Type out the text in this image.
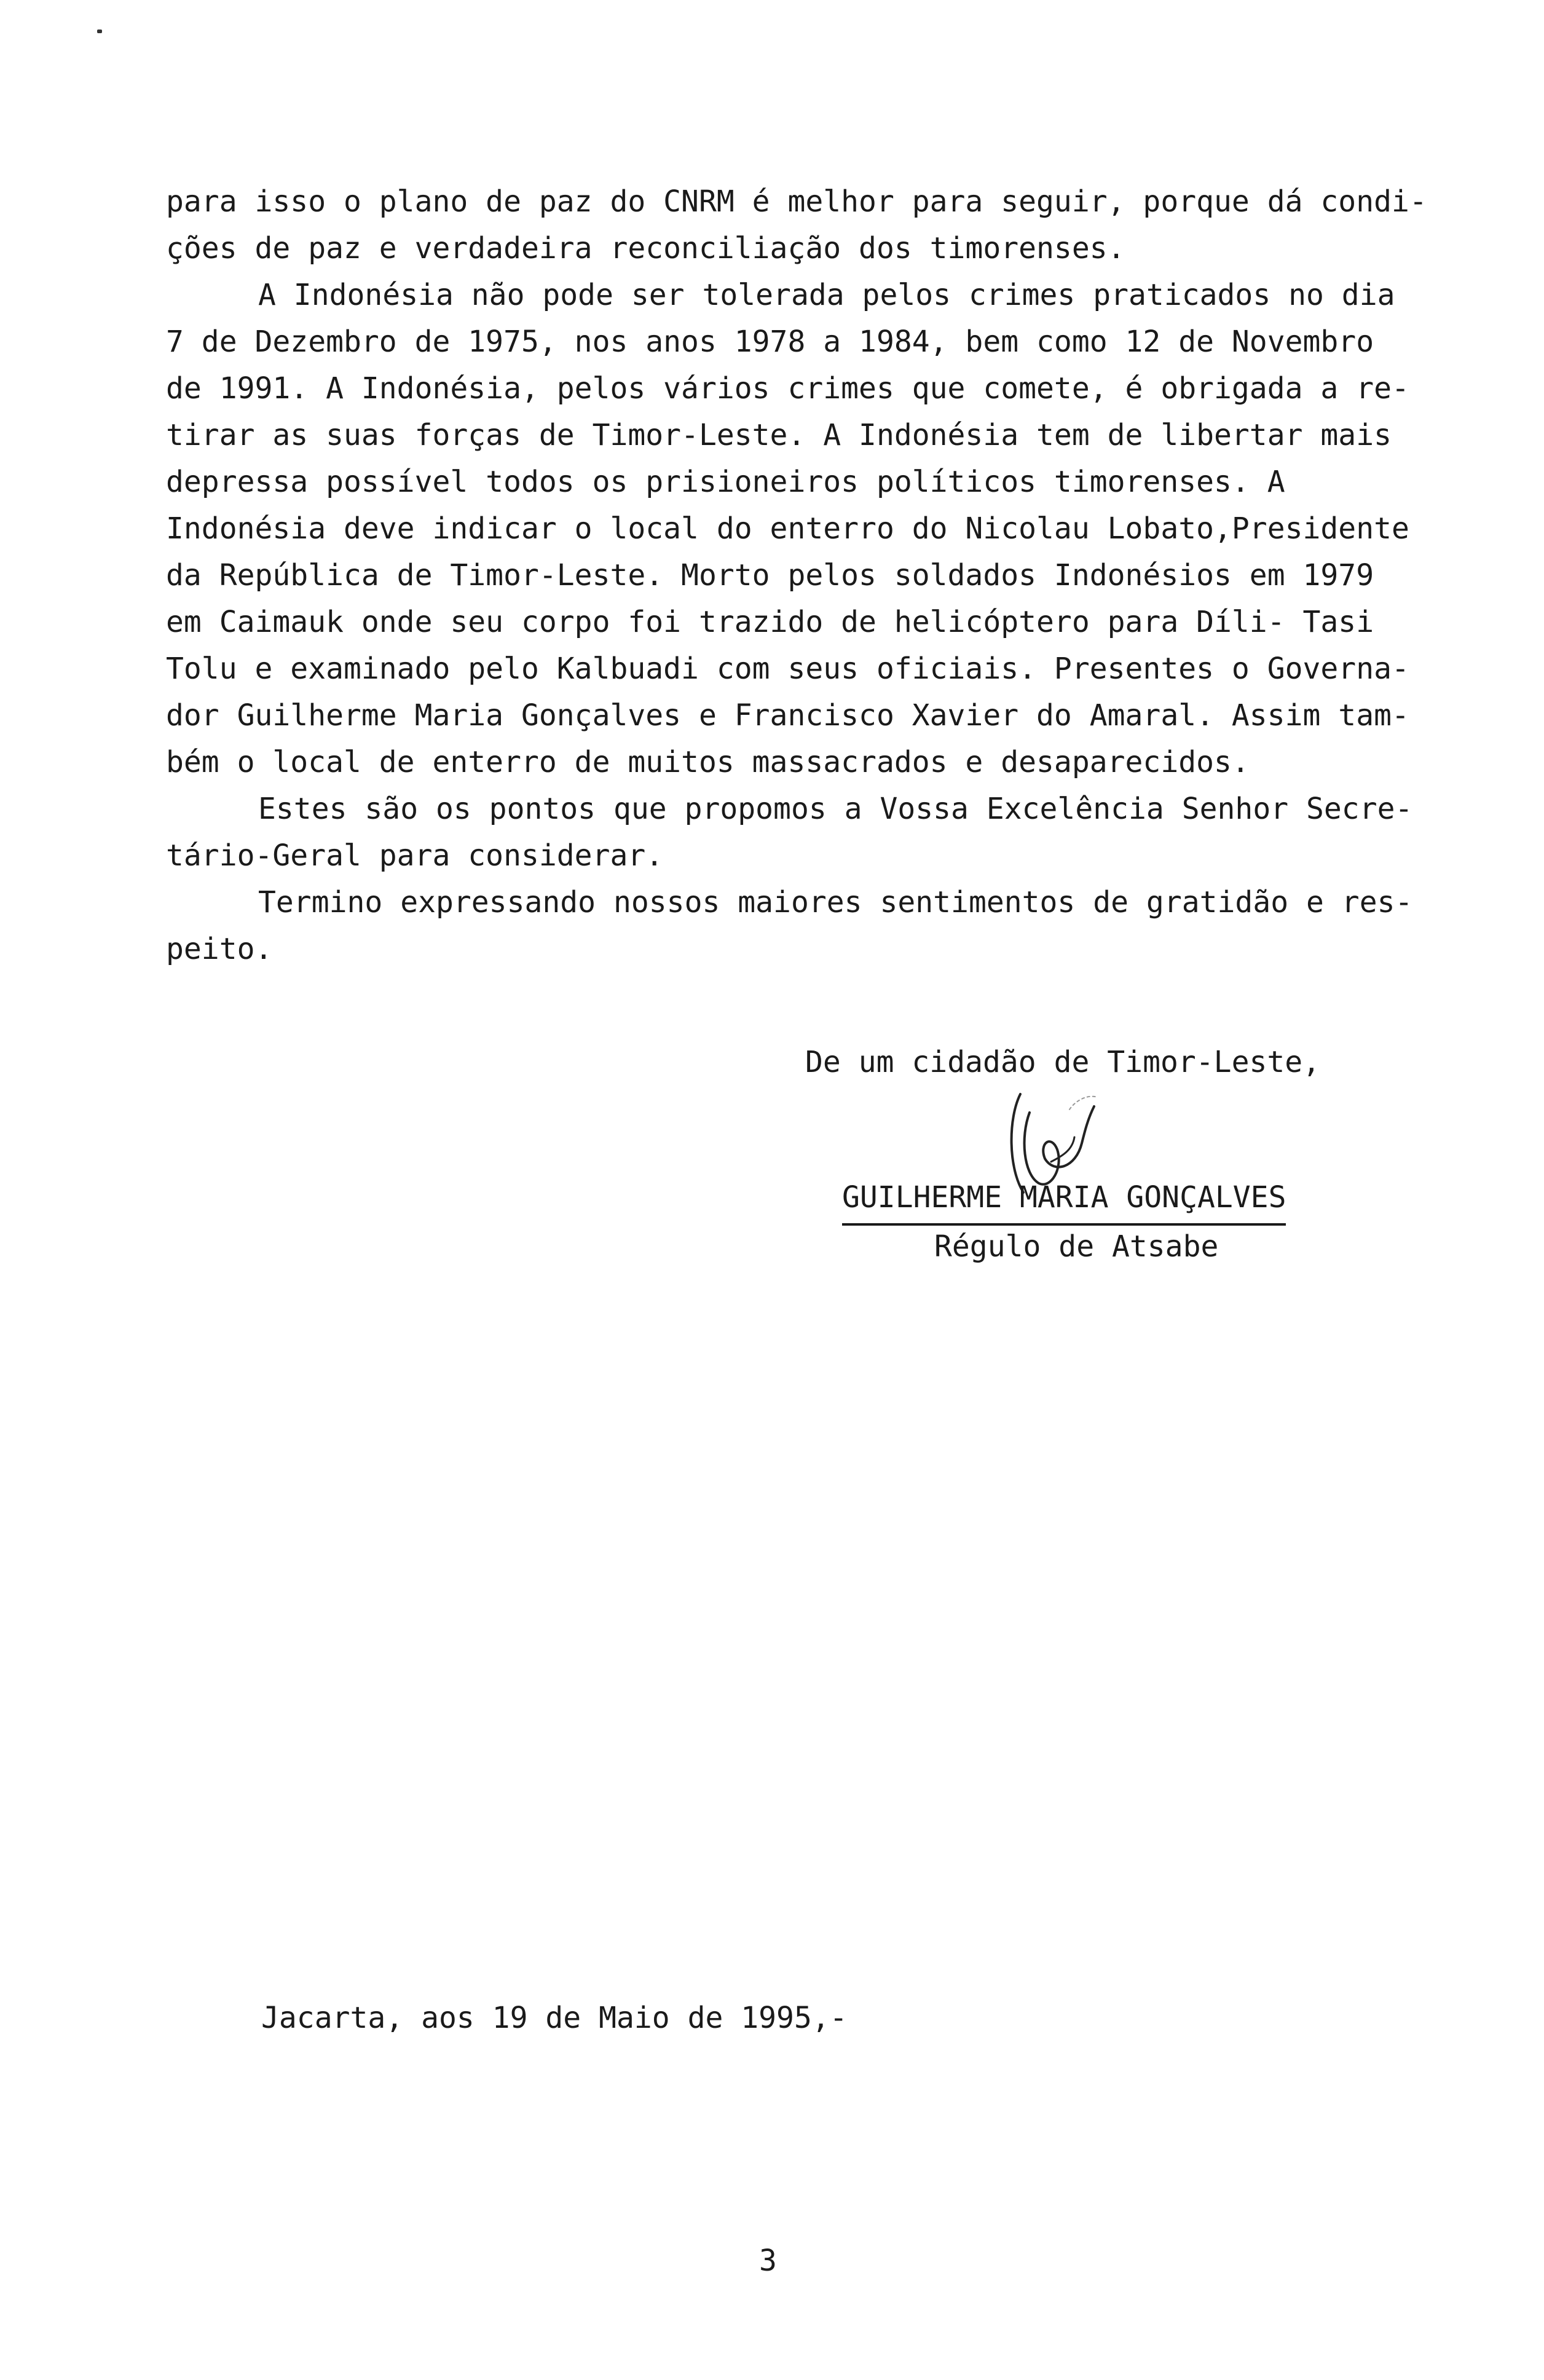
para isso o plano de paz do CNRM é melhor para seguir, porque dá condi-
ções de paz e verdadeira reconciliação dos timorenses.

A Indonésia não pode ser tolerada pelos crimes praticados no dia
7 de Dezembro de 1975, nos anos 1978 a 1984, bem como 12 de Novembro
de 1991. A Indonésia, pelos vários crimes que comete, é obrigada a re-
tirar as suas forças de Timor-Leste. A Indonésia tem de libertar mais
depressa possível todos os prisioneiros políticos timorenses. A
Indonésia deve indicar o local do enterro do Nicolau Lobato,Presidente
da República de Timor-Leste. Morto pelos soldados Indonésios em 1979
em Caimauk onde seu corpo foi trazido de helicóptero para Díli- Tasi
Tolu e examinado pelo Kalbuadi com seus oficiais. Presentes o Governa-
dor Guilherme Maria Gonçalves e Francisco Xavier do Amaral. Assim tam-
bém o local de enterro de muitos massacrados e desaparecidos.

Estes são os pontos que propomos a Vossa Excelência Senhor Secre-
tário-Geral para considerar.

Termino expressando nossos maiores sentimentos de gratidão e res-
peito.

De um cidadão de Timor-Leste,
GUILHERME MARIA GONÇALVES
Régulo de Atsabe
Jacarta, aos 19 de Maio de 1995,-
3
